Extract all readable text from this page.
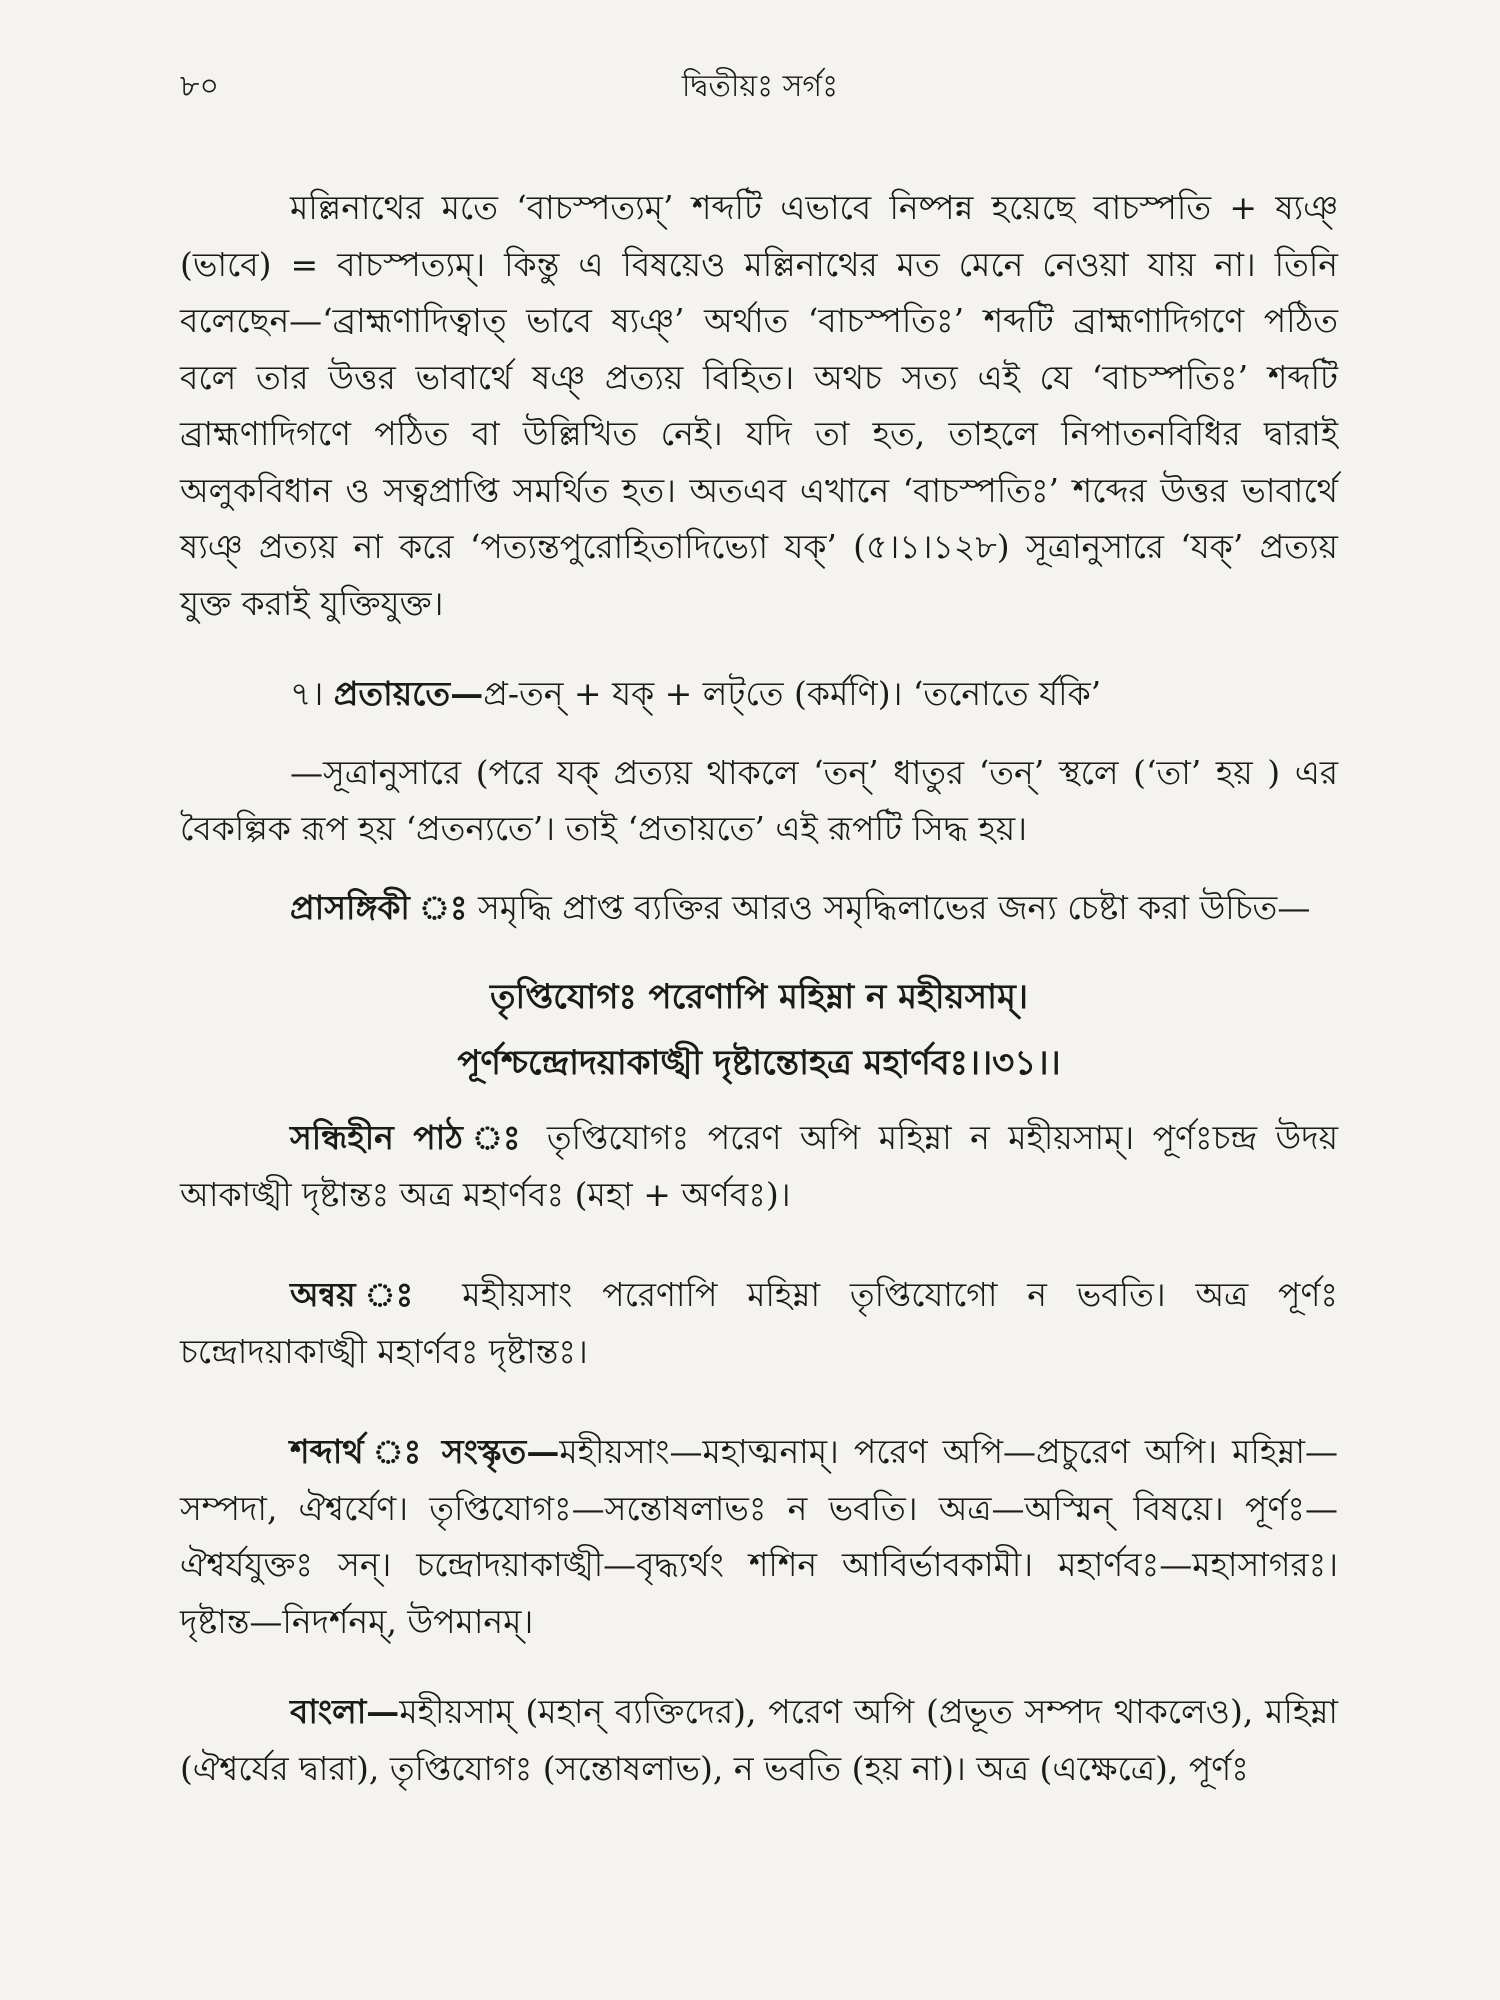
৮০	দ্বিতীয়ঃ সর্গঃ

মল্লিনাথের মতে ‘বাচস্পত্যম্’ শব্দটি এভাবে নিষ্পন্ন হয়েছে বাচস্পতি + ষ্যঞ্ (ভাবে) = বাচস্পত্যম্। কিন্তু এ বিষয়েও মল্লিনাথের মত মেনে নেওয়া যায় না। তিনি বলেছেন—‘ব্রাহ্মণাদিত্বাত্ ভাবে ষ্যঞ্’ অর্থাত ‘বাচস্পতিঃ’ শব্দটি ব্রাহ্মণাদিগণে পঠিত বলে তার উত্তর ভাবার্থে ষঞ্ প্রত্যয় বিহিত। অথচ সত্য এই যে ‘বাচস্পতিঃ’ শব্দটি ব্রাহ্মণাদিগণে পঠিত বা উল্লিখিত নেই। যদি তা হত, তাহলে নিপাতনবিধির দ্বারাই অলুকবিধান ও সত্বপ্রাপ্তি সমর্থিত হত। অতএব এখানে ‘বাচস্পতিঃ’ শব্দের উত্তর ভাবার্থে ষ্যঞ্ প্রত্যয় না করে ‘পত্যন্তপুরোহিতাদিভ্যো যক্’ (৫।১।১২৮) সূত্রানুসারে ‘যক্’ প্রত্যয় যুক্ত করাই যুক্তিযুক্ত।

৭। প্রতায়তে—প্র-তন্ + যক্ + লট্‌তে (কর্মণি)। ‘তনোতে র্যকি’

—সূত্রানুসারে (পরে যক্ প্রত্যয় থাকলে ‘তন্’ ধাতুর ‘তন্’ স্থলে (‘তা’ হয় ) এর বৈকল্পিক রূপ হয় ‘প্রতন্যতে’। তাই ‘প্রতায়তে’ এই রূপটি সিদ্ধ হয়।

প্রাসঙ্গিকী ঃ সমৃদ্ধি প্রাপ্ত ব্যক্তির আরও সমৃদ্ধিলাভের জন্য চেষ্টা করা উচিত—

তৃপ্তিযোগঃ পরেণাপি মহিম্না ন মহীয়সাম্।

পূর্ণশ্চন্দ্রোদয়াকাঙ্খী দৃষ্টান্তোহত্র মহার্ণবঃ।।৩১।।

সন্ধিহীন পাঠ ঃ তৃপ্তিযোগঃ পরেণ অপি মহিম্না ন মহীয়সাম্। পূর্ণঃচন্দ্র উদয় আকাঙ্খী দৃষ্টান্তঃ অত্র মহার্ণবঃ (মহা + অর্ণবঃ)।

অন্বয় ঃ মহীয়সাং পরেণাপি মহিম্না তৃপ্তিযোগো ন ভবতি। অত্র পূর্ণঃ চন্দ্রোদয়াকাঙ্খী মহার্ণবঃ দৃষ্টান্তঃ।

শব্দার্থ ঃ সংস্কৃত—মহীয়সাং—মহাত্মনাম্। পরেণ অপি—প্রচুরেণ অপি। মহিম্না—সম্পদা, ঐশ্বর্যেণ। তৃপ্তিযোগঃ—সন্তোষলাভঃ ন ভবতি। অত্র—অস্মিন্ বিষয়ে। পূর্ণঃ—ঐশ্বর্যযুক্তঃ সন্। চন্দ্রোদয়াকাঙ্খী—বৃদ্ধ্যর্থং শশিন আবির্ভাবকামী। মহার্ণবঃ—মহাসাগরঃ। দৃষ্টান্ত—নিদর্শনম্, উপমানম্।

বাংলা—মহীয়সাম্ (মহান্ ব্যক্তিদের), পরেণ অপি (প্রভূত সম্পদ থাকলেও), মহিম্না (ঐশ্বর্যের দ্বারা), তৃপ্তিযোগঃ (সন্তোষলাভ), ন ভবতি (হয় না)। অত্র (এক্ষেত্রে), পূর্ণঃ
